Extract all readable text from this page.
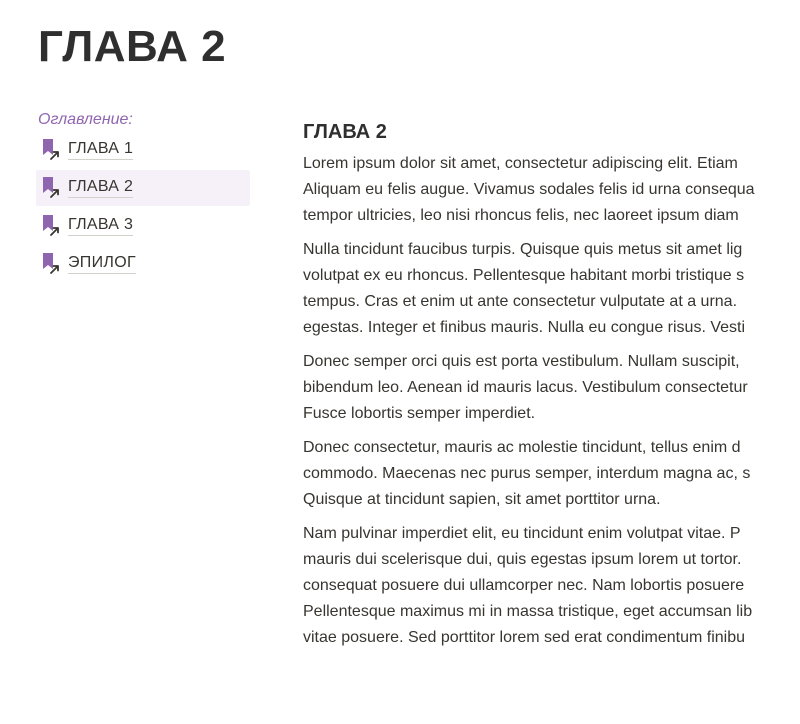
ГЛАВА 2
Оглавление:
ГЛАВА 1
ГЛАВА 2
ГЛАВА 3
ЭПИЛОГ
ГЛАВА 2

Lorem ipsum dolor sit amet, consectetur adipiscing elit. Etiam
Aliquam eu felis augue. Vivamus sodales felis id urna consequa
tempor ultricies, leo nisi rhoncus felis, nec laoreet ipsum diam

Nulla tincidunt faucibus turpis. Quisque quis metus sit amet lig
volutpat ex eu rhoncus. Pellentesque habitant morbi tristique s
tempus. Cras et enim ut ante consectetur vulputate at a urna.
egestas. Integer et finibus mauris. Nulla eu congue risus. Vesti

Donec semper orci quis est porta vestibulum. Nullam suscipit,
bibendum leo. Aenean id mauris lacus. Vestibulum consectetur
Fusce lobortis semper imperdiet.

Donec consectetur, mauris ac molestie tincidunt, tellus enim d
commodo. Maecenas nec purus semper, interdum magna ac, s
Quisque at tincidunt sapien, sit amet porttitor urna.

Nam pulvinar imperdiet elit, eu tincidunt enim volutpat vitae. P
mauris dui scelerisque dui, quis egestas ipsum lorem ut tortor.
consequat posuere dui ullamcorper nec. Nam lobortis posuere
Pellentesque maximus mi in massa tristique, eget accumsan lib
vitae posuere. Sed porttitor lorem sed erat condimentum finibu
